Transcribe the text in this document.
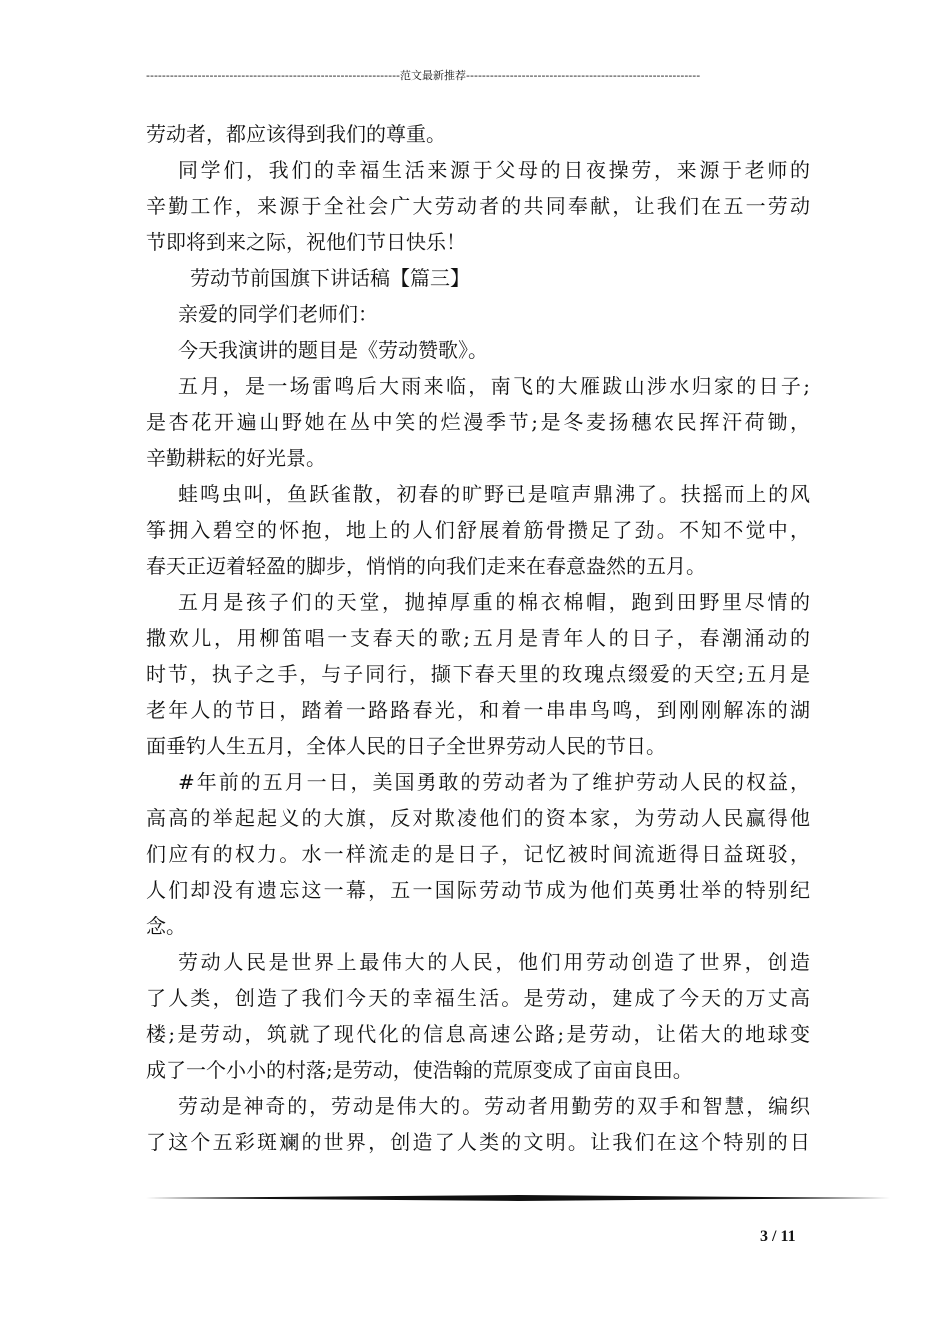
----------------------------------------------------------------范文最新推荐-----------------------------------------------------------
劳动者，都应该得到我们的尊重。
同学们，我们的幸福生活来源于父母的日夜操劳，来源于老师的
辛勤工作，来源于全社会广大劳动者的共同奉献，让我们在五一劳动
节即将到来之际，祝他们节日快乐！
劳动节前国旗下讲话稿【篇三】
亲爱的同学们老师们：
今天我演讲的题目是《劳动赞歌》。
五月，是一场雷鸣后大雨来临，南飞的大雁跋山涉水归家的日子;
是杏花开遍山野她在丛中笑的烂漫季节;是冬麦扬穗农民挥汗荷锄，
辛勤耕耘的好光景。
蛙鸣虫叫，鱼跃雀散，初春的旷野已是喧声鼎沸了。扶摇而上的风
筝拥入碧空的怀抱，地上的人们舒展着筋骨攒足了劲。不知不觉中，
春天正迈着轻盈的脚步，悄悄的向我们走来在春意盎然的五月。
五月是孩子们的天堂，抛掉厚重的棉衣棉帽，跑到田野里尽情的
撒欢儿，用柳笛唱一支春天的歌;五月是青年人的日子，春潮涌动的
时节，执子之手，与子同行，撷下春天里的玫瑰点缀爱的天空;五月是
老年人的节日，踏着一路路春光，和着一串串鸟鸣，到刚刚解冻的湖
面垂钓人生五月，全体人民的日子全世界劳动人民的节日。
#年前的五月一日，美国勇敢的劳动者为了维护劳动人民的权益，
高高的举起起义的大旗，反对欺凌他们的资本家，为劳动人民赢得他
们应有的权力。水一样流走的是日子，记忆被时间流逝得日益斑驳，
人们却没有遗忘这一幕，五一国际劳动节成为他们英勇壮举的特别纪
念。
劳动人民是世界上最伟大的人民，他们用劳动创造了世界，创造
了人类，创造了我们今天的幸福生活。是劳动，建成了今天的万丈高
楼;是劳动，筑就了现代化的信息高速公路;是劳动，让偌大的地球变
成了一个小小的村落;是劳动，使浩翰的荒原变成了亩亩良田。
劳动是神奇的，劳动是伟大的。劳动者用勤劳的双手和智慧，编织
了这个五彩斑斓的世界，创造了人类的文明。让我们在这个特别的日
3 / 11
